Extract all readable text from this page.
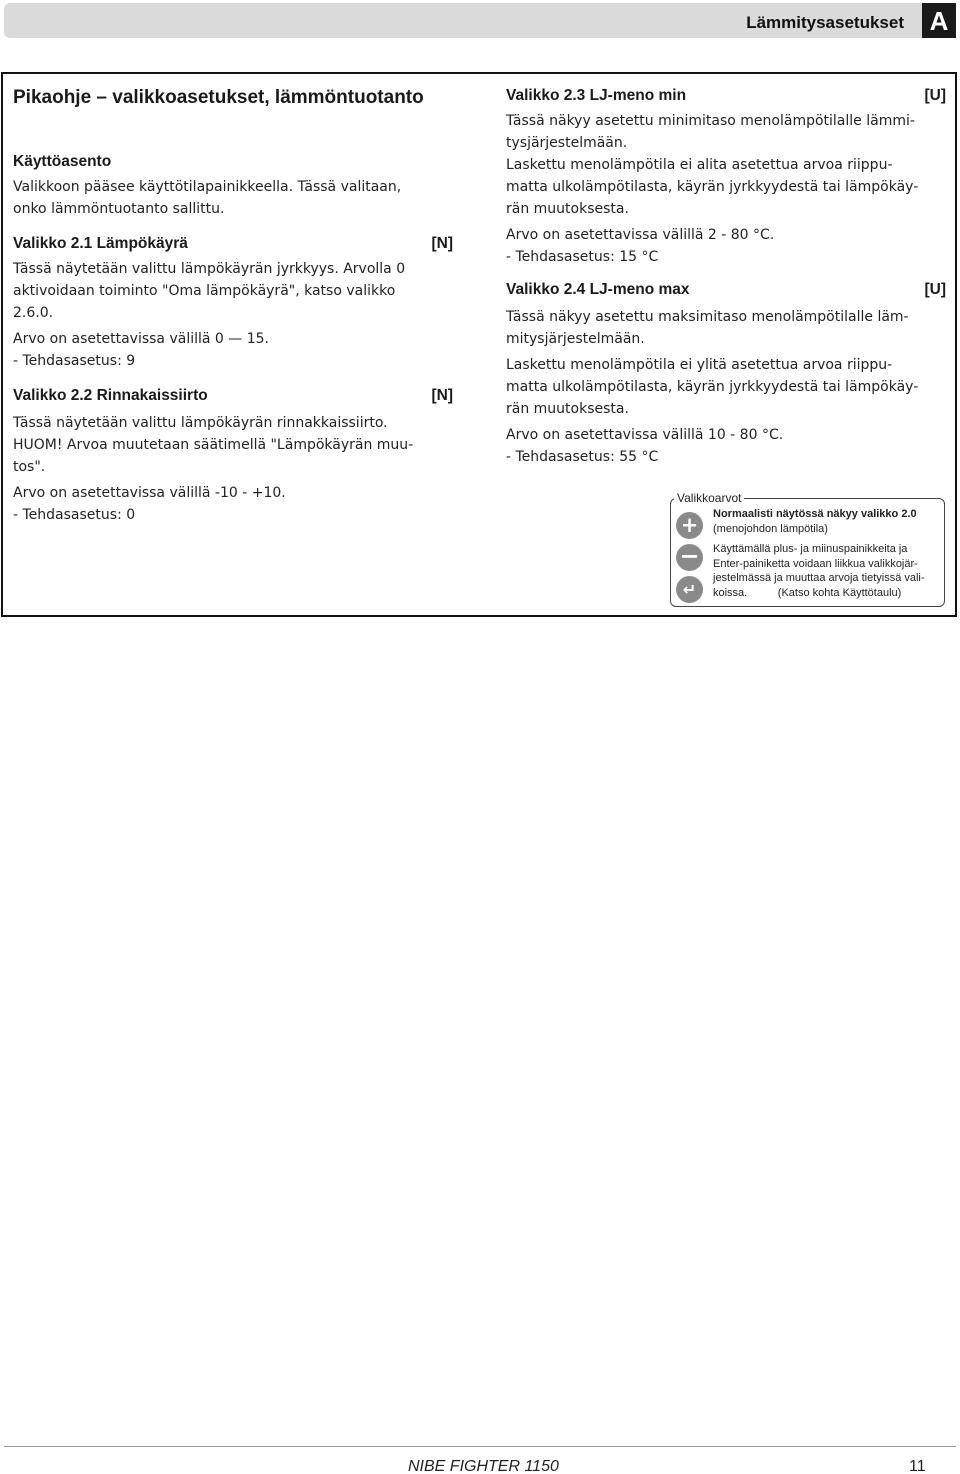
Lämmitysasetukset A
Pikaohje – valikkoasetukset, lämmöntuotanto
Käyttöasento
Valikkoon pääsee käyttötilapainikkeella. Tässä valitaan,
onko lämmöntuotanto sallittu.
Valikko 2.1 Lämpökäyrä	[N]
Tässä näytetään valittu lämpökäyrän jyrkkyys. Arvolla 0
aktivoidaan toiminto "Oma lämpökäyrä", katso valikko
2.6.0.
Arvo on asetettavissa välillä 0 — 15.
- Tehdasasetus: 9
Valikko 2.2 Rinnakaissiirto	[N]
Tässä näytetään valittu lämpökäyrän rinnakkaissiirto.
HUOM! Arvoa muutetaan säätimellä "Lämpökäyrän muu-
tos".
Arvo on asetettavissa välillä -10 - +10.
- Tehdasasetus: 0
Valikko 2.3 LJ-meno min	[U]
Tässä näkyy asetettu minimitaso menolämpötilalle lämmi-
tysjärjestelmään.
Laskettu menolämpötila ei alita asetettua arvoa riippu-
matta ulkolämpötilasta, käyrän jyrkkyydestä tai lämpökäy-
rän muutoksesta.
Arvo on asetettavissa välillä 2 - 80 °C.
- Tehdasasetus: 15 °C
Valikko 2.4 LJ-meno max	[U]
Tässä näkyy asetettu maksimitaso menolämpötilalle läm-
mitysjärjestelmään.
Laskettu menolämpötila ei ylitä asetettua arvoa riippu-
matta ulkolämpötilasta, käyrän jyrkkyydestä tai lämpökäy-
rän muutoksesta.
Arvo on asetettavissa välillä 10 - 80 °C.
- Tehdasasetus: 55 °C
Valikkoarvot
+
−
↵
Normaalisti näytössä näkyy valikko 2.0
(menojohdon lämpötila)
Käyttämällä plus- ja miinuspainikkeita ja
Enter-painiketta voidaan liikkua valikkojär-
jestelmässä ja muuttaa arvoja tietyissä vali-
koissa.          (Katso kohta Käyttötaulu)
NIBE FIGHTER 1150	11
